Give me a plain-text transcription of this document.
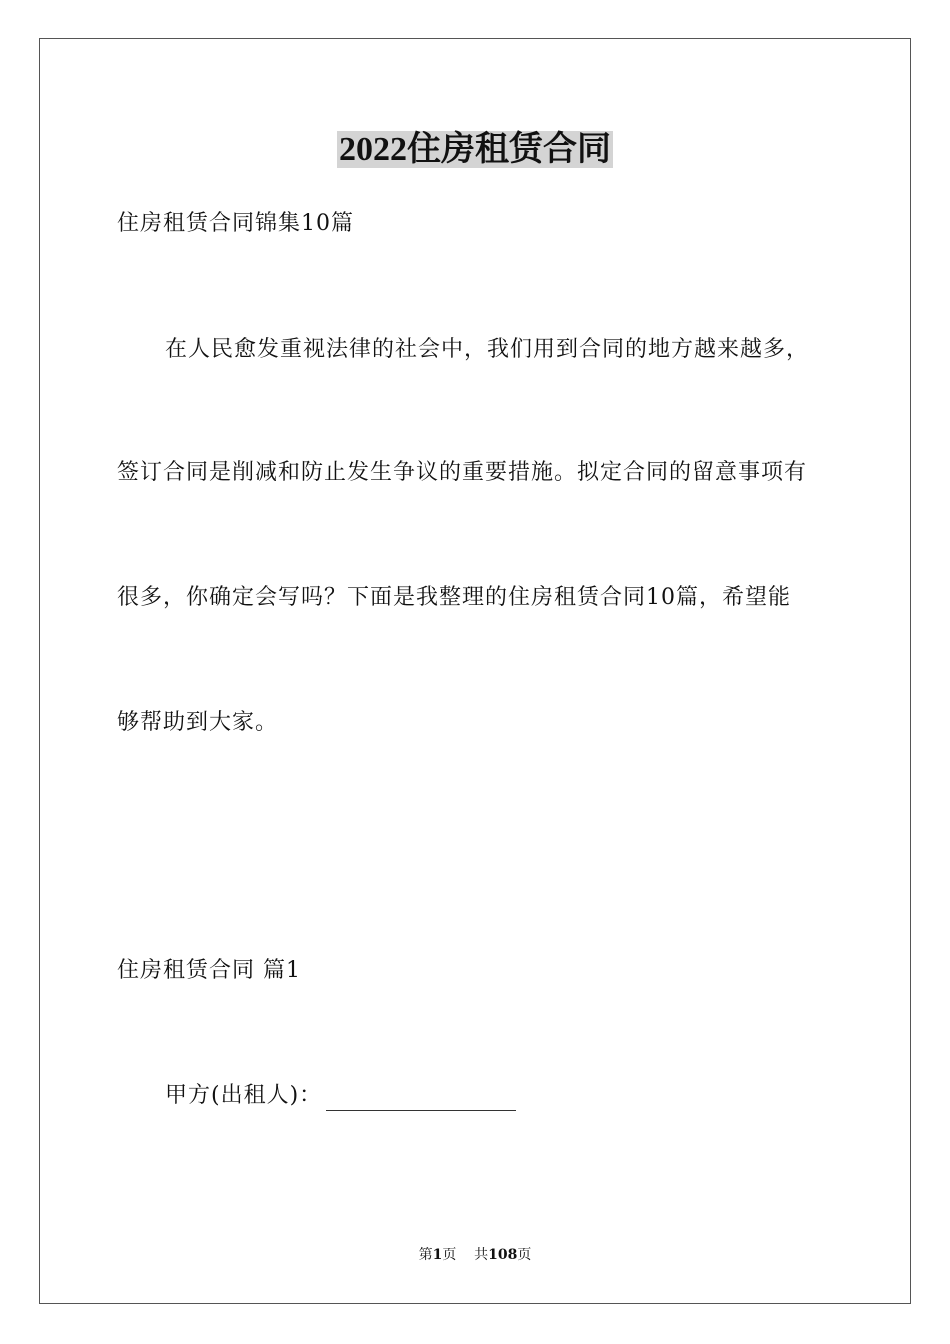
2022住房租赁合同
住房租赁合同锦集10篇
在人民愈发重视法律的社会中，我们用到合同的地方越来越多，
签订合同是削减和防止发生争议的重要措施。拟定合同的留意事项有
很多，你确定会写吗？下面是我整理的住房租赁合同10篇，希望能
够帮助到大家。
住房租赁合同 篇1
甲方(出租人)：
第1页 共108页
